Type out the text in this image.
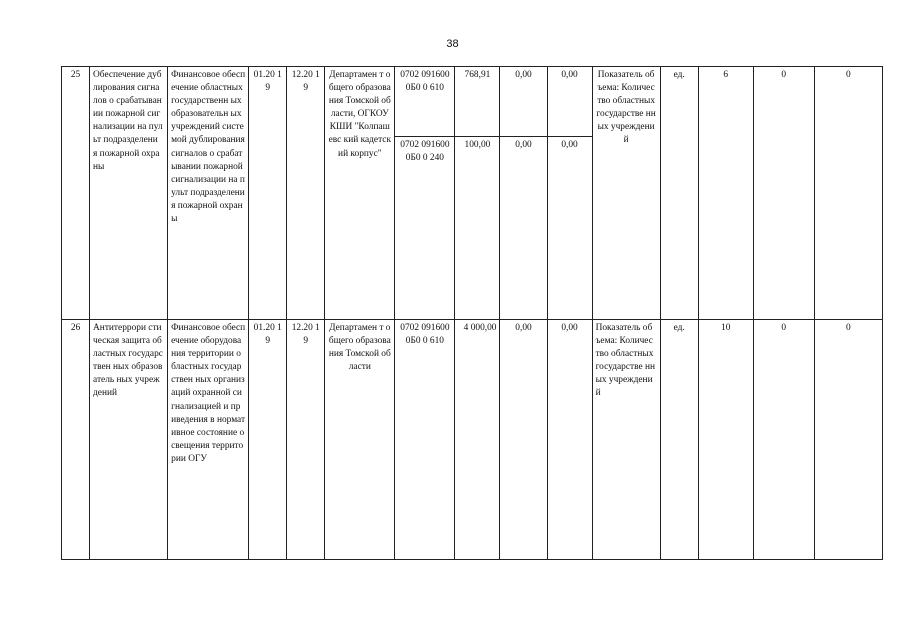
38
25	Обеспечение дублирования сигналов о срабатывании пожарной сигнализации на пульт подразделени я пожарной охраны	Финансовое обеспечение областных государственн ых образовательн ых учреждений системой дублирования сигналов о срабатывании пожарной сигнализации на пульт подразделения пожарной охраны	01.20 19	12.20 19	Департамен т общего образования Томской области, ОГКОУ КШИ "Колпашевс кий кадетский корпус"	0702 0916000Б0 0 610	768,91	0,00	0,00	Показатель объема: Количество областных государстве нных учреждений	ед.	6	0	0
						0702 0916000Б0 0 240	100,00	0,00	0,00					
26	Антитеррори стическая защита областных государствен ных образователь ных учреждений	Финансовое обеспечение оборудования территории областных государствен ных организаций охранной сигнализацией и приведения в нормативное состояние освещения территории ОГУ	01.20 19	12.20 19	Департамен т общего образования Томской области	0702 0916000Б0 0 610	4 000,00	0,00	0,00	Показатель объема: Количество областных государстве нных учреждений	ед.	10	0	0
